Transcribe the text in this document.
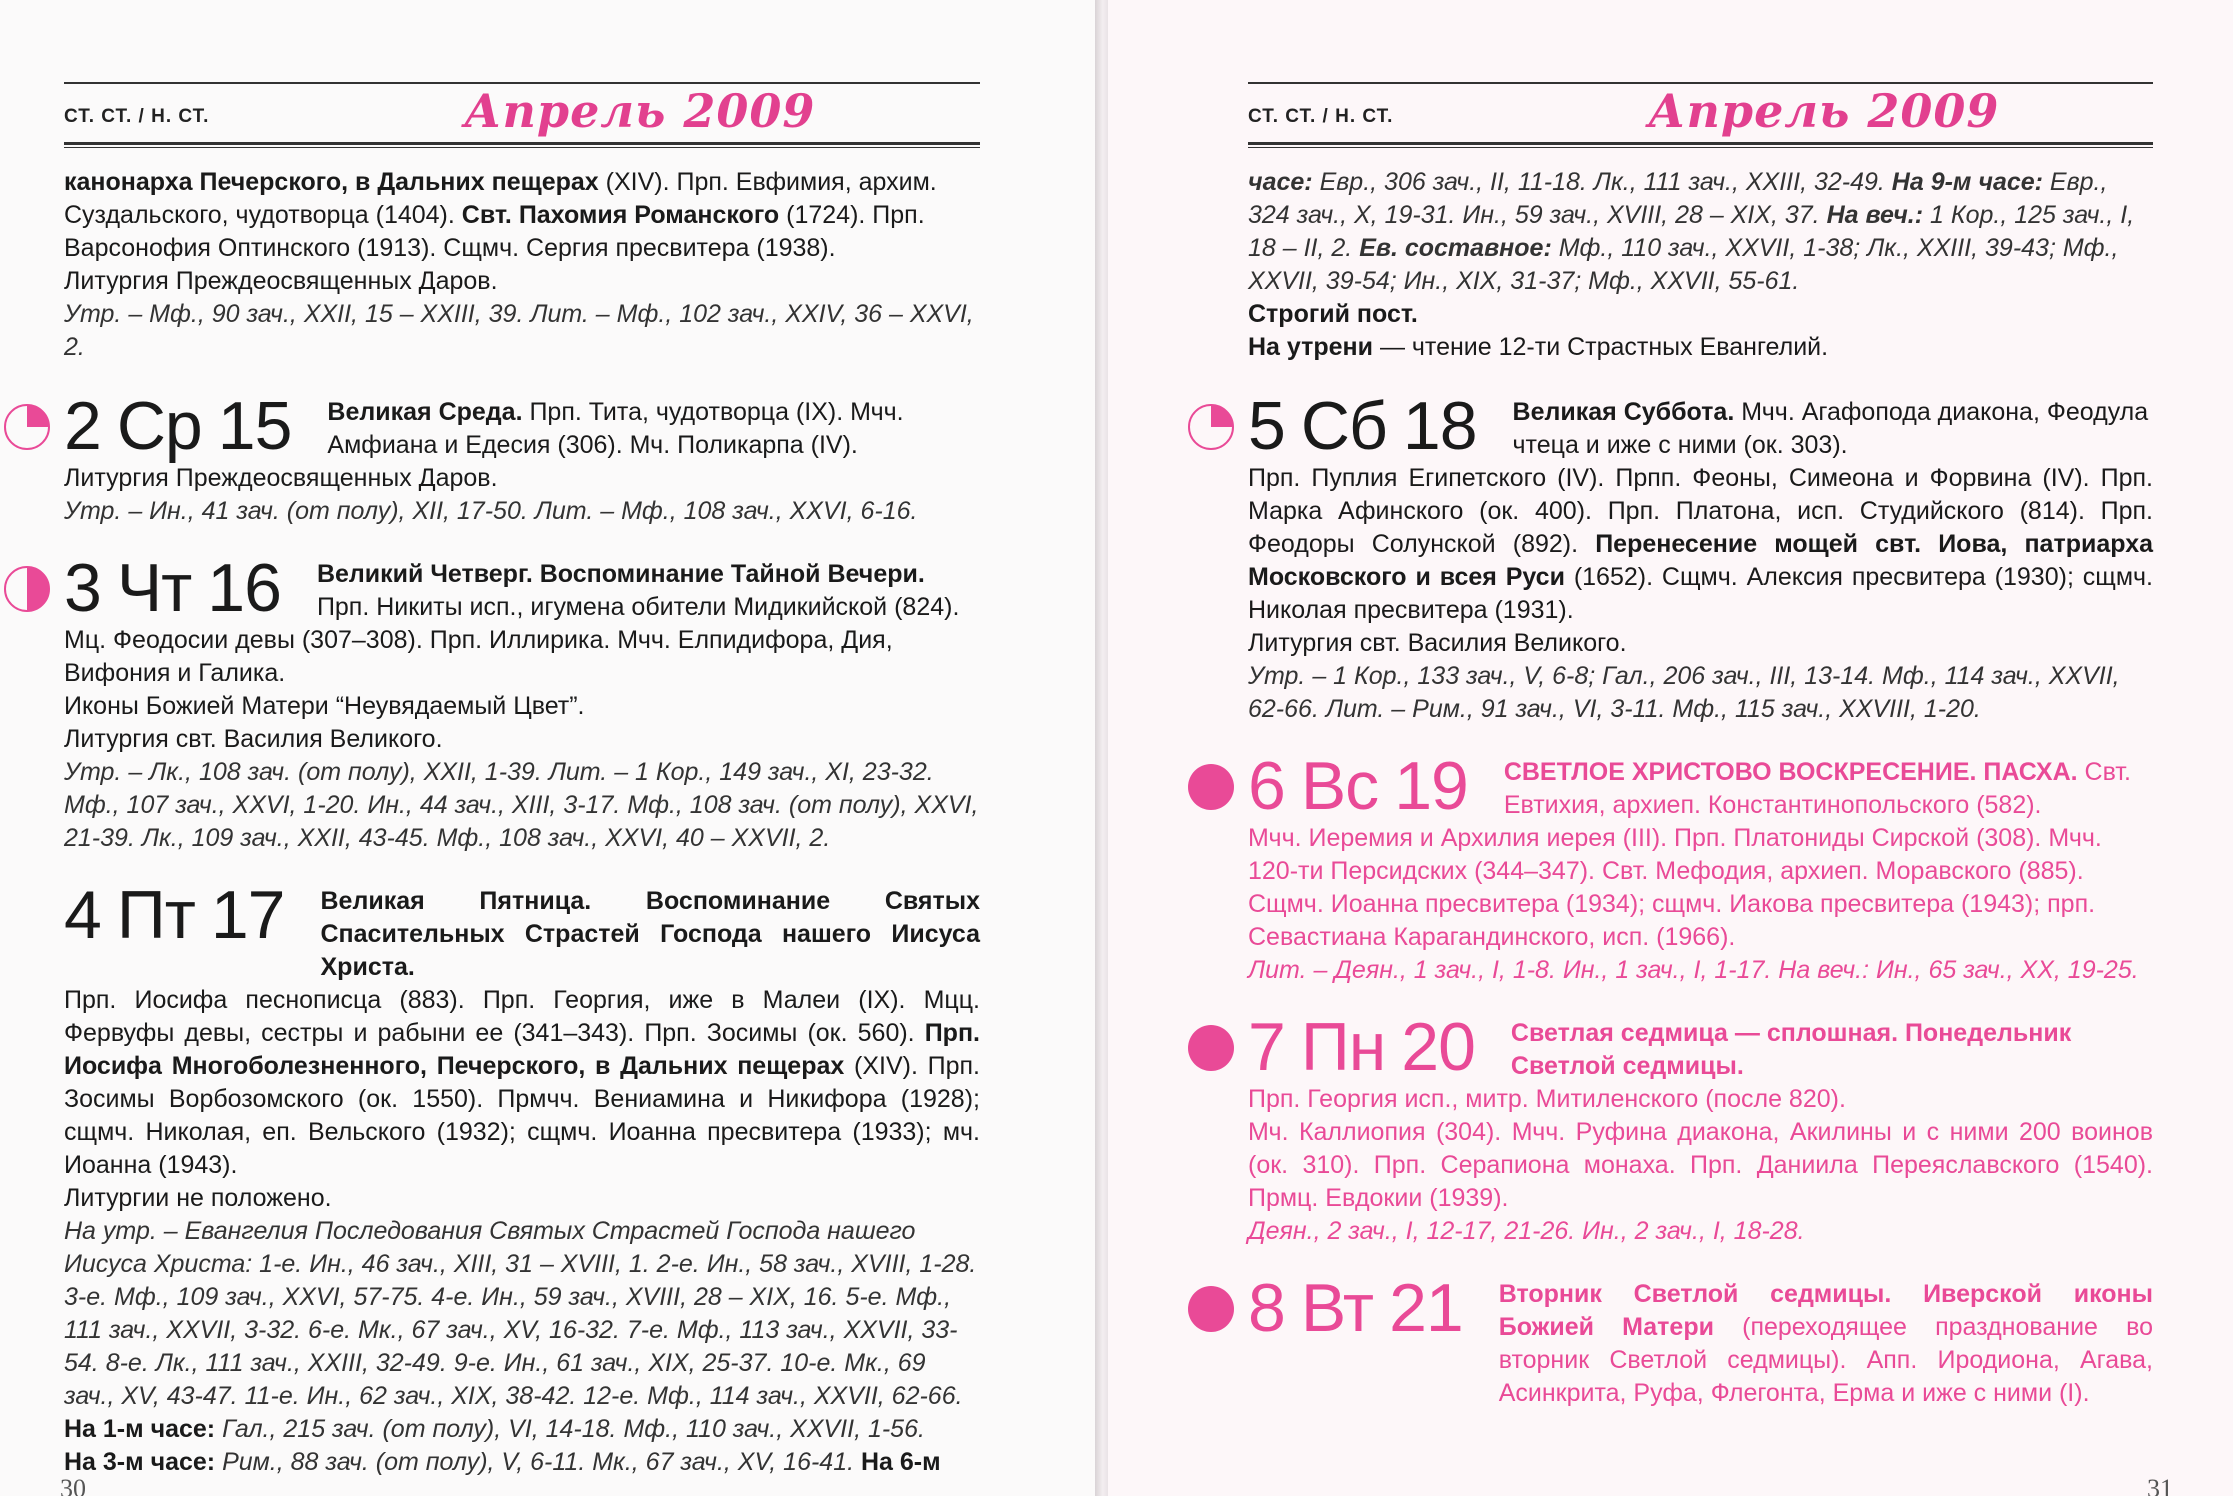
СТ. СТ. / Н. СТ.	Апрель 2009

канонарха Печерского, в Дальних пещерах (XIV). Прп. Евфимия, архим. Суздальского, чудотворца (1404). Свт. Пахомия Романского (1724). Прп. Варсонофия Оптинского (1913). Сщмч. Сергия пресвитера (1938).

Литургия Преждеосвященных Даров.

Утр. – Мф., 90 зач., XXII, 15 – XXIII, 39. Лит. – Мф., 102 зач., XXIV, 36 – XXVI, 2.

2 Ср 15	Великая Среда. Прп. Тита, чудотворца (IX). Мчч. Амфиана и Едесия (306). Мч. Поликарпа (IV).

Литургия Преждеосвященных Даров.

Утр. – Ин., 41 зач. (от полу), XII, 17-50. Лит. – Мф., 108 зач., XXVI, 6-16.

3 Чт 16	Великий Четверг. Воспоминание Тайной Вечери. Прп. Никиты исп., игумена обители Мидикийской (824).

Мц. Феодосии девы (307–308). Прп. Иллирика. Мчч. Елпидифора, Дия, Вифония и Галика.

Иконы Божией Матери “Неувядаемый Цвет”.

Литургия свт. Василия Великого.

Утр. – Лк., 108 зач. (от полу), XXII, 1-39. Лит. – 1 Кор., 149 зач., XI, 23-32. Мф., 107 зач., XXVI, 1-20. Ин., 44 зач., XIII, 3-17. Мф., 108 зач. (от полу), XXVI, 21-39. Лк., 109 зач., XXII, 43-45. Мф., 108 зач., XXVI, 40 – XXVII, 2.

4 Пт 17	Великая Пятница. Воспоминание Святых Спасительных Страстей Господа нашего Иисуса Христа.

Прп. Иосифа песнописца (883). Прп. Георгия, иже в Малеи (IX). Мцц. Фервуфы девы, сестры и рабыни ее (341–343). Прп. Зосимы (ок. 560). Прп. Иосифа Многоболезненного, Печерского, в Дальних пещерах (XIV). Прп. Зосимы Ворбозомского (ок. 1550). Прмчч. Вениамина и Никифора (1928); сщмч. Николая, еп. Вельского (1932); сщмч. Иоанна пресвитера (1933); мч. Иоанна (1943).

Литургии не положено.

На утр. – Евангелия Последования Святых Страстей Господа нашего Иисуса Христа: 1-е. Ин., 46 зач., XIII, 31 – XVIII, 1. 2-е. Ин., 58 зач., XVIII, 1-28. 3-е. Мф., 109 зач., XXVI, 57-75. 4-е. Ин., 59 зач., XVIII, 28 – XIX, 16. 5-е. Мф., 111 зач., XXVII, 3-32. 6-е. Мк., 67 зач., XV, 16-32. 7-е. Мф., 113 зач., XXVII, 33-54. 8-е. Лк., 111 зач., XXIII, 32-49. 9-е. Ин., 61 зач., XIX, 25-37. 10-е. Мк., 69 зач., XV, 43-47. 11-е. Ин., 62 зач., XIX, 38-42. 12-е. Мф., 114 зач., XXVII, 62-66.

На 1-м часе: Гал., 215 зач. (от полу), VI, 14-18. Мф., 110 зач., XXVII, 1-56.

На 3-м часе: Рим., 88 зач. (от полу), V, 6-11. Мк., 67 зач., XV, 16-41. На 6-м

30
СТ. СТ. / Н. СТ.	Апрель 2009

часе: Евр., 306 зач., II, 11-18. Лк., 111 зач., XXIII, 32-49. На 9-м часе: Евр., 324 зач., X, 19-31. Ин., 59 зач., XVIII, 28 – XIX, 37. На веч.: 1 Кор., 125 зач., I, 18 – II, 2. Ев. составное: Мф., 110 зач., XXVII, 1-38; Лк., XXIII, 39-43; Мф., XXVII, 39-54; Ин., XIX, 31-37; Мф., XXVII, 55-61.

Строгий пост.

На утрени — чтение 12-ти Страстных Евангелий.

5 Сб 18	Великая Суббота. Мчч. Агафопода диакона, Феодула чтеца и иже с ними (ок. 303).

Прп. Пуплия Египетского (IV). Прпп. Феоны, Симеона и Форвина (IV). Прп. Марка Афинского (ок. 400). Прп. Платона, исп. Студийского (814). Прп. Феодоры Солунской (892). Перенесение мощей свт. Иова, патриарха Московского и всея Руси (1652). Сщмч. Алексия пресвитера (1930); сщмч. Николая пресвитера (1931).

Литургия свт. Василия Великого.

Утр. – 1 Кор., 133 зач., V, 6-8; Гал., 206 зач., III, 13-14. Мф., 114 зач., XXVII, 62-66. Лит. – Рим., 91 зач., VI, 3-11. Мф., 115 зач., XXVIII, 1-20.

6 Вс 19	СВЕТЛОЕ ХРИСТОВО ВОСКРЕСЕНИЕ. ПАСХА. Свт. Евтихия, архиеп. Константинопольского (582).

Мчч. Иеремия и Архилия иерея (III). Прп. Платониды Сирской (308). Мчч. 120-ти Персидских (344–347). Свт. Мефодия, архиеп. Моравского (885). Сщмч. Иоанна пресвитера (1934); сщмч. Иакова пресвитера (1943); прп. Севастиана Карагандинского, исп. (1966).

Лит. – Деян., 1 зач., I, 1-8. Ин., 1 зач., I, 1-17. На веч.: Ин., 65 зач., XX, 19-25.

7 Пн 20	Светлая седмица — сплошная. Понедельник Светлой седмицы.

Прп. Георгия исп., митр. Митиленского (после 820).

Мч. Каллиопия (304). Мчч. Руфина диакона, Акилины и с ними 200 воинов (ок. 310). Прп. Серапиона монаха. Прп. Даниила Переяславского (1540). Прмц. Евдокии (1939).

Деян., 2 зач., I, 12-17, 21-26. Ин., 2 зач., I, 18-28.

8 Вт 21	Вторник Светлой седмицы. Иверской иконы Божией Матери (переходящее празднование во вторник Светлой седмицы). Апп. Иродиона, Агава, Асинкрита, Руфа, Флегонта, Ерма и иже с ними (I).
31
